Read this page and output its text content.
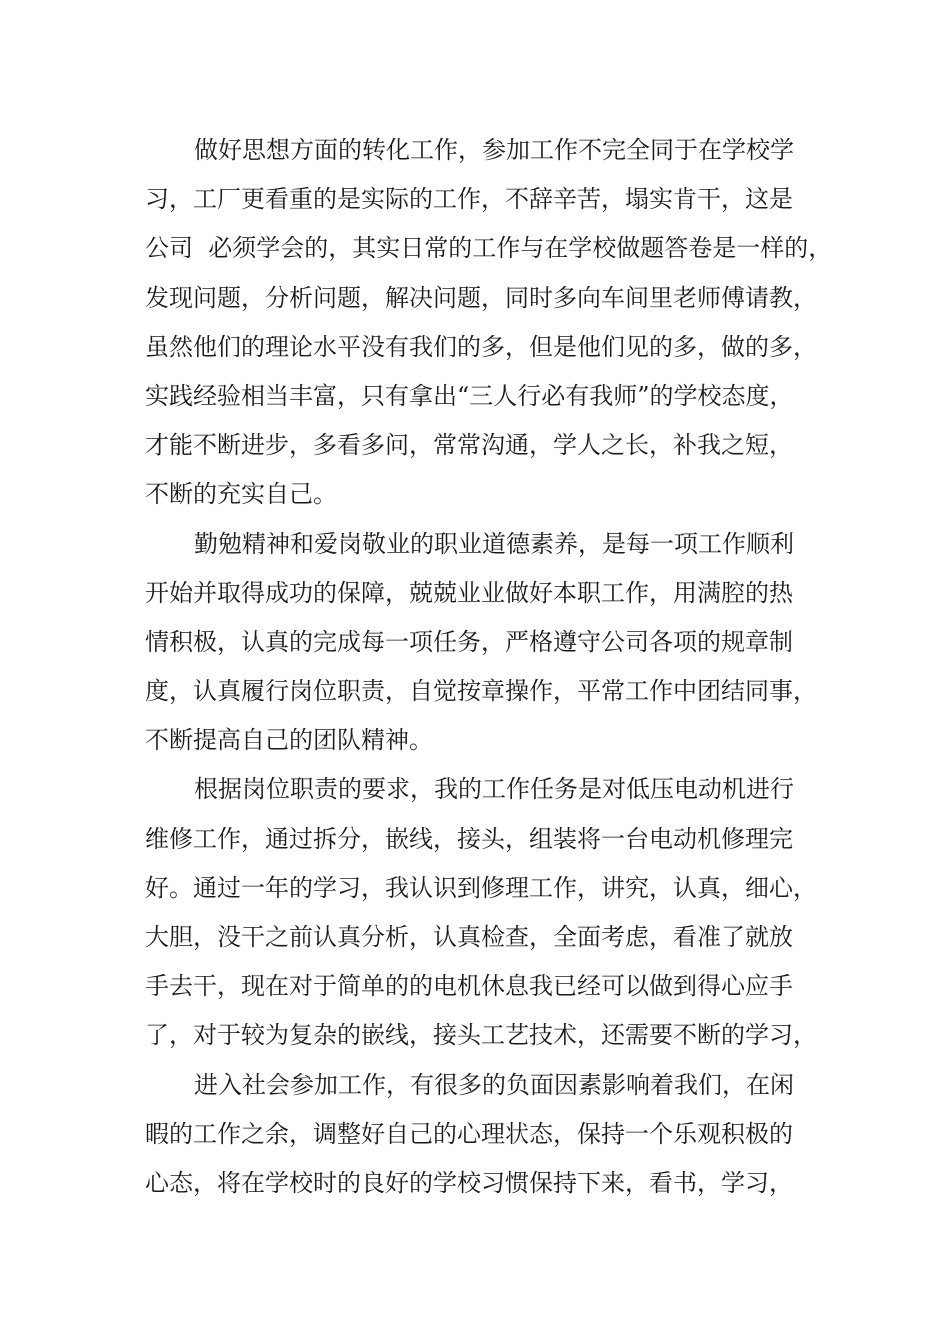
做好思想方面的转化工作，参加工作不完全同于在学校学
习，工厂更看重的是实际的工作，不辞辛苦，塌实肯干，这是
公司  必须学会的，其实日常的工作与在学校做题答卷是一样的，
发现问题，分析问题，解决问题，同时多向车间里老师傅请教，
虽然他们的理论水平没有我们的多，但是他们见的多，做的多，
实践经验相当丰富，只有拿出“三人行必有我师”的学校态度，
才能不断进步，多看多问，常常沟通，学人之长，补我之短，
不断的充实自己。
勤勉精神和爱岗敬业的职业道德素养，是每一项工作顺利
开始并取得成功的保障，兢兢业业做好本职工作，用满腔的热
情积极，认真的完成每一项任务，严格遵守公司各项的规章制
度，认真履行岗位职责，自觉按章操作，平常工作中团结同事，
不断提高自己的团队精神。
根据岗位职责的要求，我的工作任务是对低压电动机进行
维修工作，通过拆分，嵌线，接头，组装将一台电动机修理完
好。通过一年的学习，我认识到修理工作，讲究，认真，细心，
大胆，没干之前认真分析，认真检查，全面考虑，看准了就放
手去干，现在对于简单的的电机休息我已经可以做到得心应手
了，对于较为复杂的嵌线，接头工艺技术，还需要不断的学习，
进入社会参加工作，有很多的负面因素影响着我们，在闲
暇的工作之余，调整好自己的心理状态，保持一个乐观积极的
心态，将在学校时的良好的学校习惯保持下来，看书，学习，
